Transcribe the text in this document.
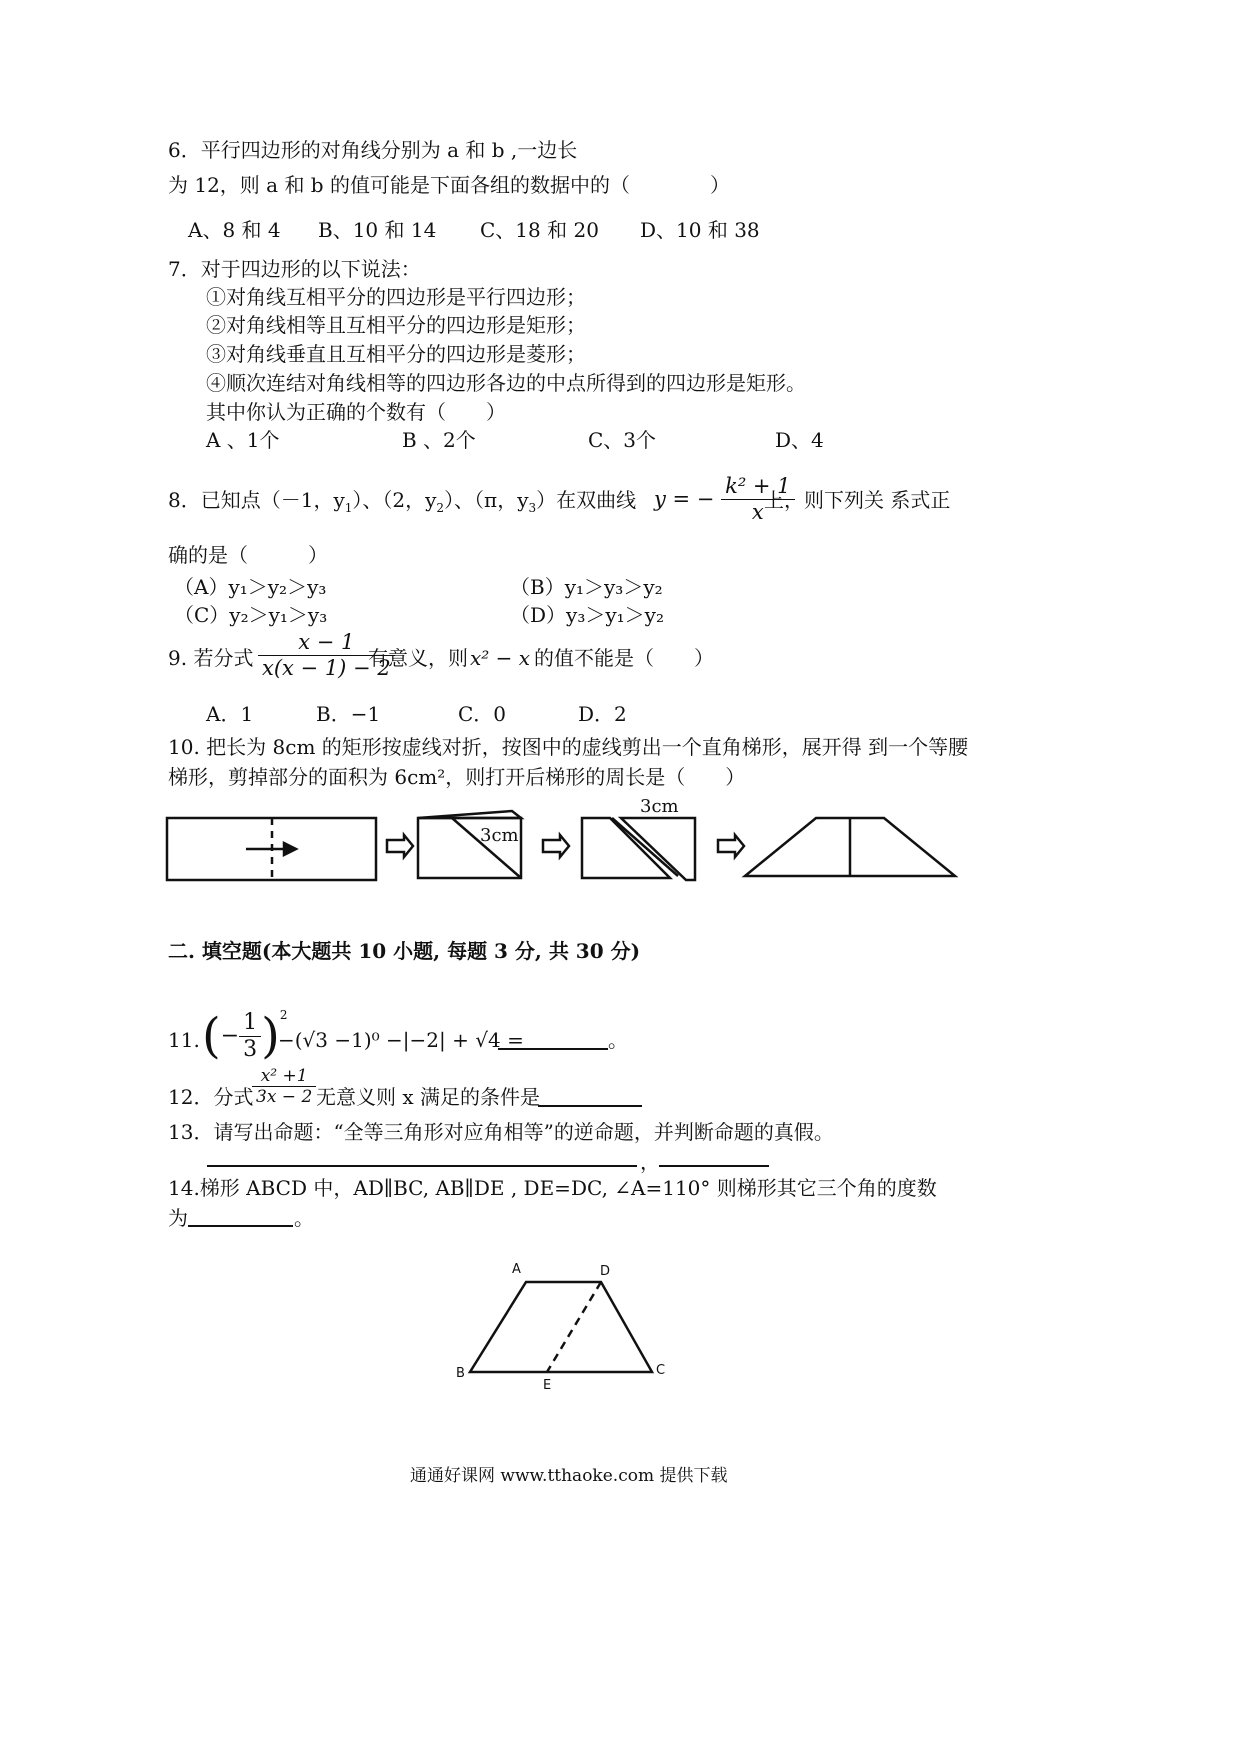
6．平行四边形的对角线分别为 a 和 b ,一边长
为 12，则 a 和 b 的值可能是下面各组的数据中的 （　　　　）
A、8 和 4 B、10 和 14 C、18 和 20 D、10 和 38
7．对于四边形的以下说法：
①对角线互相平分的四边形是平行四边形；
②对角线相等且互相平分的四边形是矩形；
③对角线垂直且互相平分的四边形是菱形；
④顺次连结对角线相等的四边形各边的中点所得到的四边形是矩形。
其中你认为正确的个数有（　　）
A 、1个	B 、2个	C、3个	D、4
8．已知点（－1，$y_1$）、（2，$y_2$）、（π，$y_3$）在双曲线 y = − $\frac{\text{k² + 1}}{x}$
上，则下列关 系式正
确的是（　　　）
（A）y₁＞y₂＞y₃	（B）y₁＞y₃＞y₂
（C）y₂＞y₁＞y₃	（D）y₃＞y₁＞y₂
9. 若分式 $\frac{x - 1}{x(x - 1) - 2}$
有意义，则 x² − x 的值不能是（　　）
A．1	B．−1	C．0	D．2
10. 把长为 8cm 的矩形按虚线对折，按图中的虚线剪出一个直角梯形，展开得 到一个等腰
梯形，剪掉部分的面积为 6cm²，则打开后梯形的周长是（　　）
3cm
3cm
二. 填空题(本大题共 10 小题, 每题 3 分, 共 30 分)
11. (− $\frac{1}{3} )^2$
−(√3 −1)⁰ −|−2| + √4 =	。
12．分式
$\frac{\text{x² +1}}{3x - 2}$ 无意义则 x 满足的条件是
13．请写出命题：“全等三角形对应角相等”的逆命题，并判断命题的真假。
，
14.梯形 ABCD 中，AD∥BC, AB∥DE , DE=DC, ∠A=110° 则梯形其它三个角的度数
为	。
A	D
B	C
E
通通好课网 www.tthaoke.com 提供下载
